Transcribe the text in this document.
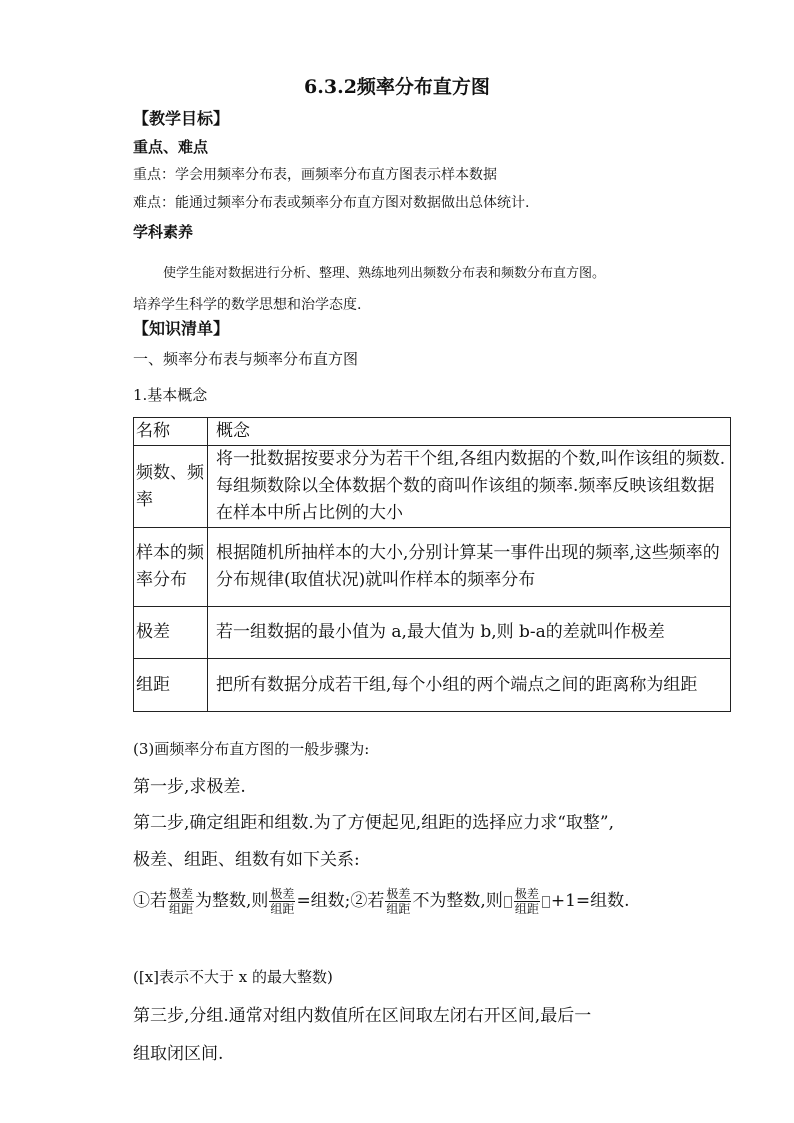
6.3.2频率分布直方图
【教学目标】
重点、难点
重点：学会用频率分布表，画频率分布直方图表示样本数据
难点：能通过频率分布表或频率分布直方图对数据做出总体统计.
学科素养
使学生能对数据进行分析、整理、熟练地列出频数分布表和频数分布直方图。
培养学生科学的数学思想和治学态度.
【知识清单】
一、频率分布表与频率分布直方图
1.基本概念
名称	概念
频数、频率	将一批数据按要求分为若干个组,各组内数据的个数,叫作该组的频数.每组频数除以全体数据个数的商叫作该组的频率.频率反映该组数据在样本中所占比例的大小
样本的频率分布	根据随机所抽样本的大小,分别计算某一事件出现的频率,这些频率的分布规律(取值状况)就叫作样本的频率分布
极差	若一组数据的最小值为 a,最大值为 b,则 b-a的差就叫作极差
组距	把所有数据分成若干组,每个小组的两个端点之间的距离称为组距
(3)画频率分布直方图的一般步骤为:
第一步,求极差.
第二步,确定组距和组数.为了方便起见,组距的选择应力求“取整”,
极差、组距、组数有如下关系:
①若 $\frac{\text{极差}}{\text{组距}}$ 为整数,则 $\frac{\text{极差}}{\text{组距}}$ =组数;②若 $\frac{\text{极差}}{\text{组距}}$ 不为整数,则 $\frac{\text{极差}}{\text{组距}} +1=$组数.
([x]表示不大于 x 的最大整数)
第三步,分组.通常对组内数值所在区间取左闭右开区间,最后一
组取闭区间.
